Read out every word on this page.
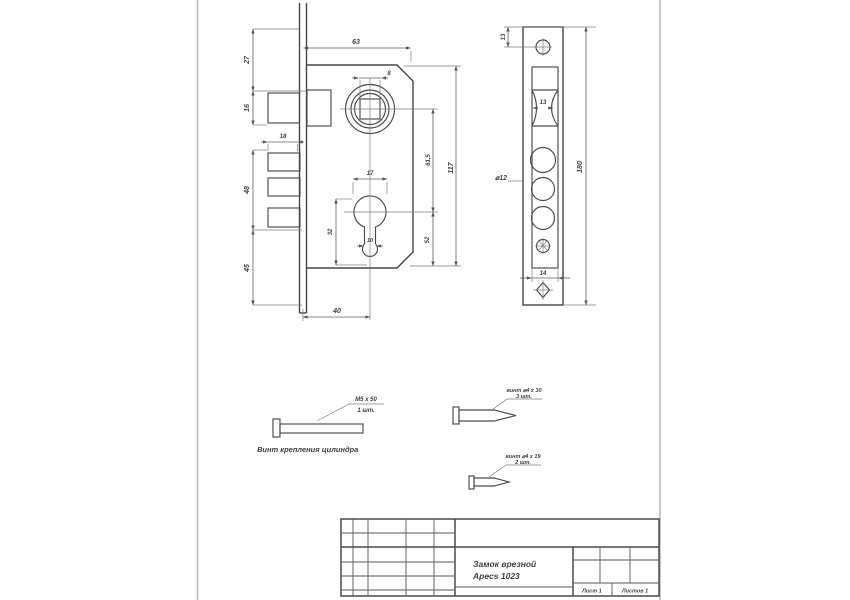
63
8
27
16
18
48
45
17
32
10
61,5
52
117
40
13
⌀12
14
13
180
М5 х 50
1 шт.
Винт крепления цилиндра
винт ⌀4 х 30
3 шт.
винт ⌀4 х 19
2 шт.
Замок врезной
Apecs 1023
Лист 1	Листов 1
